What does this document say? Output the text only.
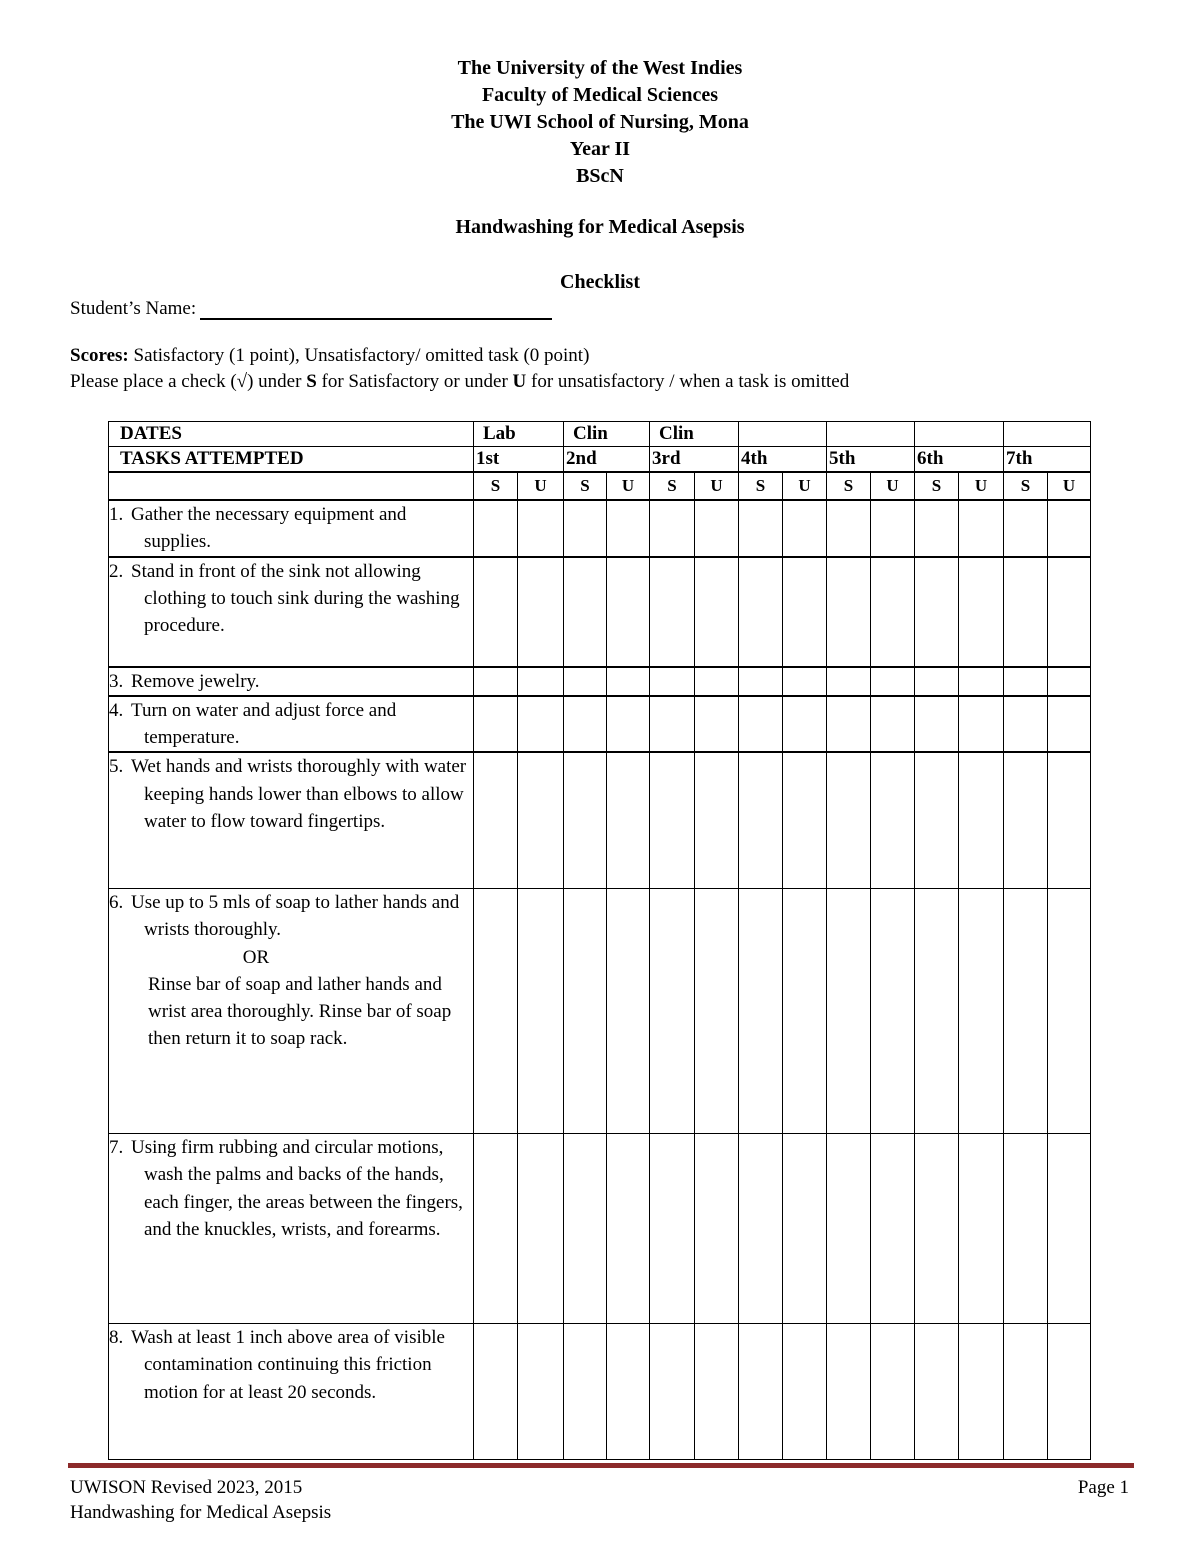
The University of the West Indies
Faculty of Medical Sciences
The UWI School of Nursing, Mona
Year II
BScN
Handwashing for Medical Asepsis
Checklist
Student’s Name:
Scores: Satisfactory (1 point), Unsatisfactory/ omitted task (0 point)
Please place a check (√) under S for Satisfactory or under U for unsatisfactory / when a task is omitted
DATES	Lab		Clin		Clin									
TASKS ATTEMPTED	1st		2nd		3rd		4th		5th		6th		7th	
	S	U	S	U	S	U	S	U	S	U	S	U	S	U

1. Gather the necessary equipment and supplies.														

2. Stand in front of the sink not allowing clothing to touch sink during the washing procedure.														

3. Remove jewelry.														

4. Turn on water and adjust force and temperature.														

5. Wet hands and wrists thoroughly with water keeping hands lower than elbows to allow water to flow toward fingertips.														

6. Use up to 5 mls of soap to lather hands and wrists thoroughly.
OR
Rinse bar of soap and lather hands and wrist area thoroughly. Rinse bar of soap then return it to soap rack.														

7. Using firm rubbing and circular motions, wash the palms and backs of the hands, each finger, the areas between the fingers, and the knuckles, wrists, and forearms.														

8. Wash at least 1 inch above area of visible contamination continuing this friction motion for at least 20 seconds.														

UWISON Revised 2023, 2015
Handwashing for Medical Asepsis
Page 1
